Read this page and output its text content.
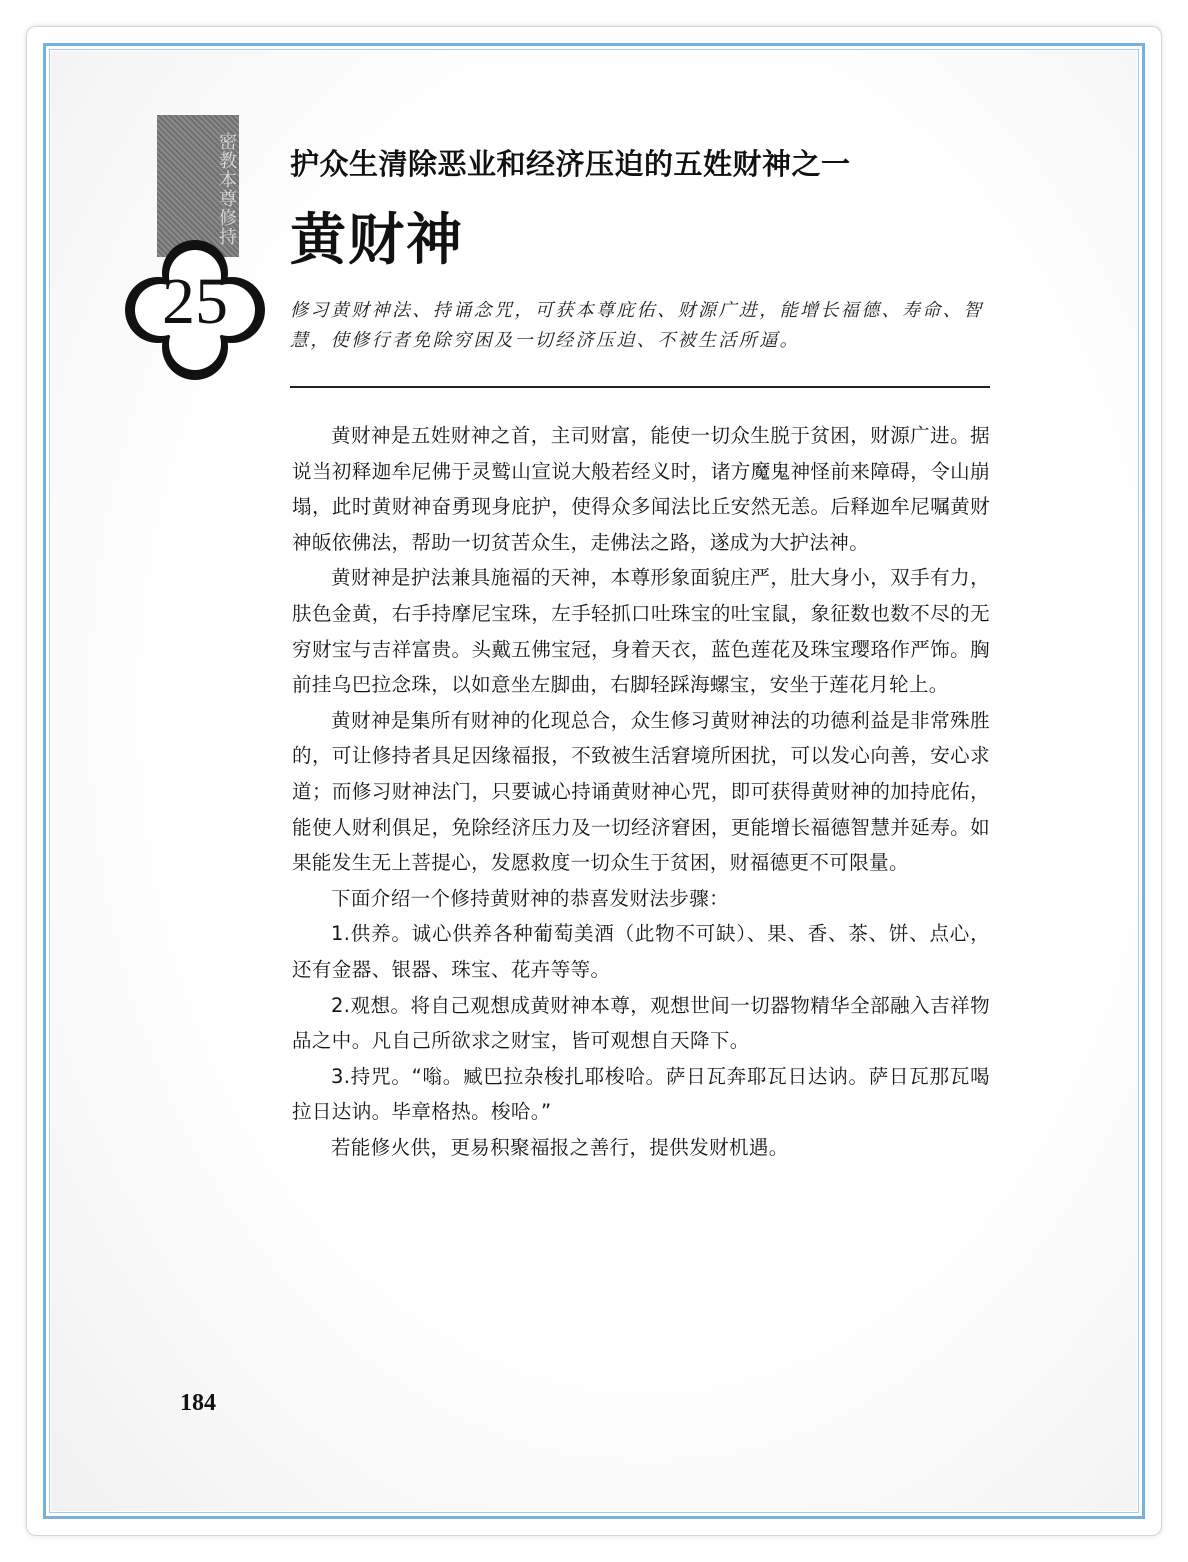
密教本尊修持
25
护众生清除恶业和经济压迫的五姓财神之一
黄财神
修习黄财神法、持诵念咒，可获本尊庇佑、财源广进，能增长福德、寿命、智慧，使修行者免除穷困及一切经济压迫、不被生活所逼。

黄财神是五姓财神之首，主司财富，能使一切众生脱于贫困，财源广进。据说当初释迦牟尼佛于灵鹫山宣说大般若经义时，诸方魔鬼神怪前来障碍，令山崩塌，此时黄财神奋勇现身庇护，使得众多闻法比丘安然无恙。后释迦牟尼嘱黄财神皈依佛法，帮助一切贫苦众生，走佛法之路，遂成为大护法神。

黄财神是护法兼具施福的天神，本尊形象面貌庄严，肚大身小，双手有力，肤色金黄，右手持摩尼宝珠，左手轻抓口吐珠宝的吐宝鼠，象征数也数不尽的无穷财宝与吉祥富贵。头戴五佛宝冠，身着天衣，蓝色莲花及珠宝璎珞作严饰。胸前挂乌巴拉念珠，以如意坐左脚曲，右脚轻踩海螺宝，安坐于莲花月轮上。

黄财神是集所有财神的化现总合，众生修习黄财神法的功德利益是非常殊胜的，可让修持者具足因缘福报，不致被生活窘境所困扰，可以发心向善，安心求道；而修习财神法门，只要诚心持诵黄财神心咒，即可获得黄财神的加持庇佑，能使人财利俱足，免除经济压力及一切经济窘困，更能增长福德智慧并延寿。如果能发生无上菩提心，发愿救度一切众生于贫困，财福德更不可限量。

下面介绍一个修持黄财神的恭喜发财法步骤：

1.供养。诚心供养各种葡萄美酒（此物不可缺）、果、香、茶、饼、点心，还有金器、银器、珠宝、花卉等等。

2.观想。将自己观想成黄财神本尊，观想世间一切器物精华全部融入吉祥物品之中。凡自己所欲求之财宝，皆可观想自天降下。

3.持咒。“嗡。臧巴拉杂梭扎耶梭哈。萨日瓦奔耶瓦日达讷。萨日瓦那瓦喝拉日达讷。毕章格热。梭哈。”

若能修火供，更易积聚福报之善行，提供发财机遇。

184
